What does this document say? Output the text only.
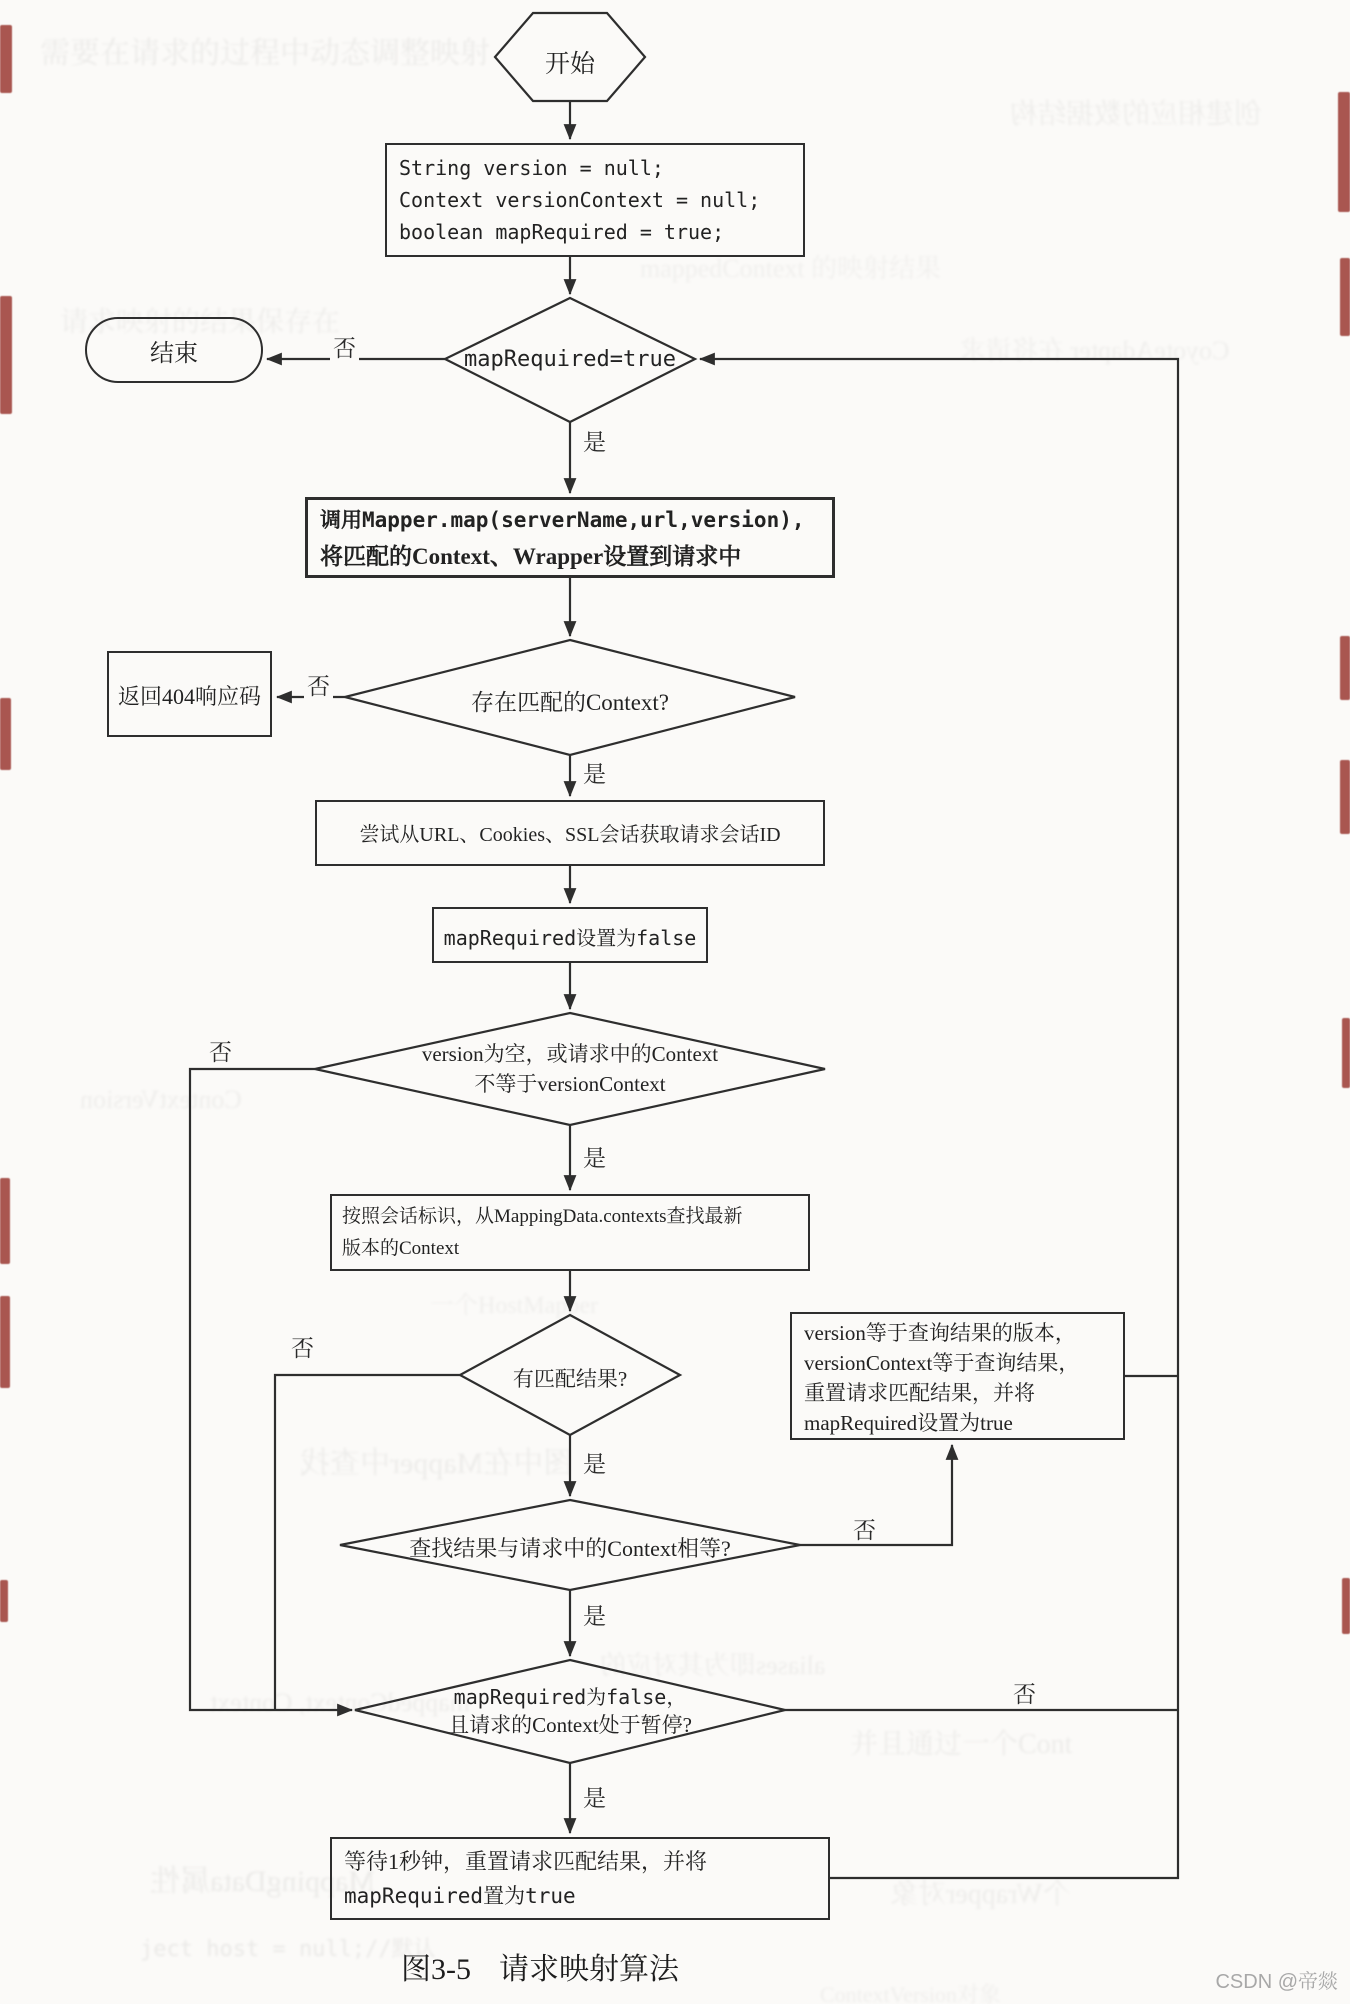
需要在请求的过程中动态调整映射
创建相应的数据结构
请求映射的结果保存在
CoyoteAdapter 在将请求
mappedContext 的映射结果
ContextVersion
一个HostMapper
图中在Mapper中查找
aliases即为其对应的
mappedContext, Context
并且通过一个Cont
MappingData属性	个Wrapper对象
ject host = null;//默认
ContextVersion对象
开始
String version = null;
Context versionContext = null;
boolean mapRequired = true;
mapRequired=true
结束
调用Mapper.map(serverName,url,version),
将匹配的Context、Wrapper设置到请求中
存在匹配的Context?
返回404响应码
尝试从URL、Cookies、SSL会话获取请求会话ID
mapRequired设置为false
version为空，或请求中的Context
不等于versionContext
按照会话标识，从MappingData.contexts查找最新
版本的Context
有匹配结果?
version等于查询结果的版本，
versionContext等于查询结果，
重置请求匹配结果，并将
mapRequired设置为true
查找结果与请求中的Context相等?
mapRequired为false，
且请求的Context处于暂停?
等待1秒钟，重置请求匹配结果，并将
mapRequired置为true
是
否
是
否
是
否
是
否
是
否
是
否
图3-5 请求映射算法	CSDN @帝燚
